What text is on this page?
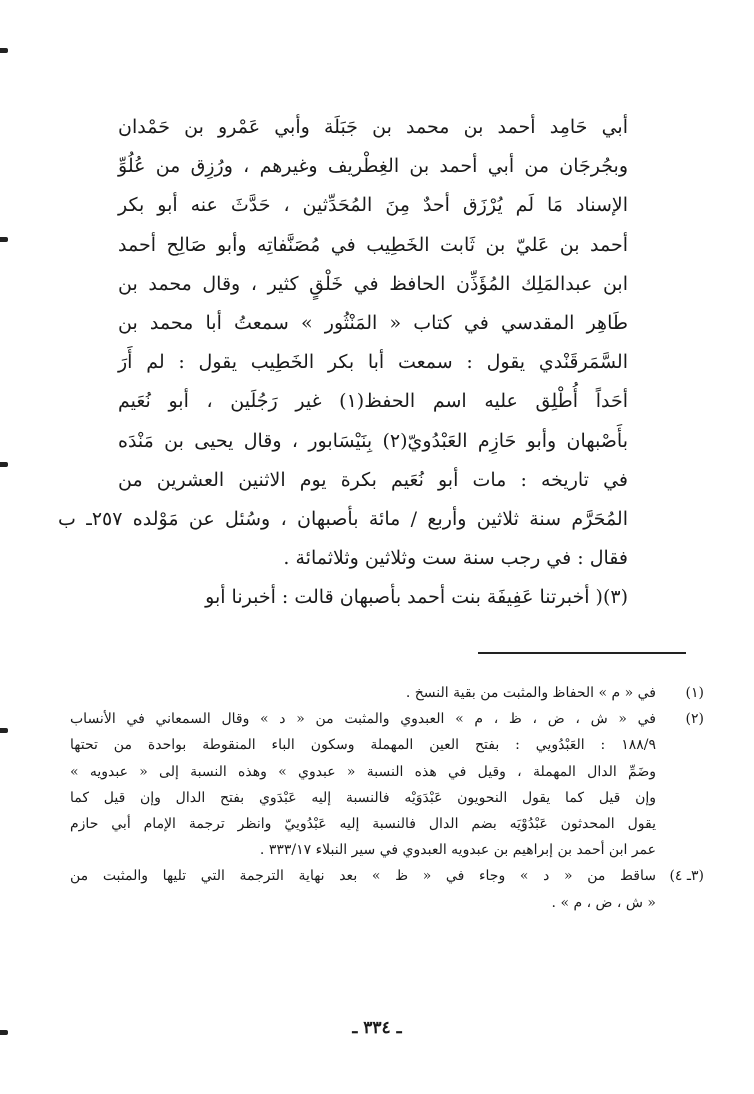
أبي حَامِد أحمد بن محمد بن جَبَلَة وأبي عَمْرو بن حَمْدان
وبجُرجَان من أبي أحمد بن الغِطْريف وغيرهم ، ورُزِق من عُلُوِّ
الإسناد مَا لَم يُرْزَق أحدٌ مِنَ المُحَدِّثين ، حَدَّثَ عنه أبو بكر
أحمد بن عَليّ بن ثَابت الخَطِيب في مُصَنَّفاتِه وأبو صَالِح أحمد
ابن عبدالمَلِك المُؤَذِّن الحافظ في خَلْقٍ كثير ، وقال محمد بن
طَاهِر المقدسي في كتاب « المَنْثُور » سمعتُ أبا محمد بن
السَّمَرقَنْدي يقول : سمعت أبا بكر الخَطِيب يقول : لم أَرَ
أحَداً أُطْلِق عليه اسم الحفظ(١) غير رَجُلَين ، أبو نُعَيم
بأَصْبهان وأبو حَازِم العَبْدُويّ(٢) بِنَيْسَابور ، وقال يحيى بن مَنْدَه
في تاريخه : مات أبو نُعَيم بكرة يوم الاثنين العشرين من
المُحَرَّم سنة ثلاثين وأربع / مائة بأصبهان ، وسُئل عن مَوْلده ٢٥٧ـ ب
فقال : في رجب سنة ست وثلاثين وثلاثمائة .
(٣)( أخبرتنا عَفِيفَة بنت أحمد بأصبهان قالت : أخبرنا أبو
(١)
في « م » الحفاظ والمثبت من بقية النسخ .
(٢)
في « ش ، ض ، ظ ، م » العبدوي والمثبت من « د » وقال السمعاني في الأنساب
١٨٨/٩ : العَبْدُويي : بفتح العين المهملة وسكون الباء المنقوطة بواحدة من تحتها
وضَمِّ الدال المهملة ، وقيل في هذه النسبة « عبدوي » وهذه النسبة إلى « عبدويه »
وإن قيل كما يقول النحويون عَبْدَوَيْه فالنسبة إليه عَبْدَوي بفتح الدال وإن قيل كما
يقول المحدثون عَبْدُوْيَه بضم الدال فالنسبة إليه عَبْدُوييّ وانظر ترجمة الإمام أبي حازم
عمر ابن أحمد بن إبراهيم بن عبدويه العبدوي في سير النبلاء ٣٣٣/١٧ .
(٣ـ ٤)
ساقط من « د » وجاء في « ظ » بعد نهاية الترجمة التي تليها والمثبت من
« ش ، ض ، م » .
ـ ٣٣٤ ـ
